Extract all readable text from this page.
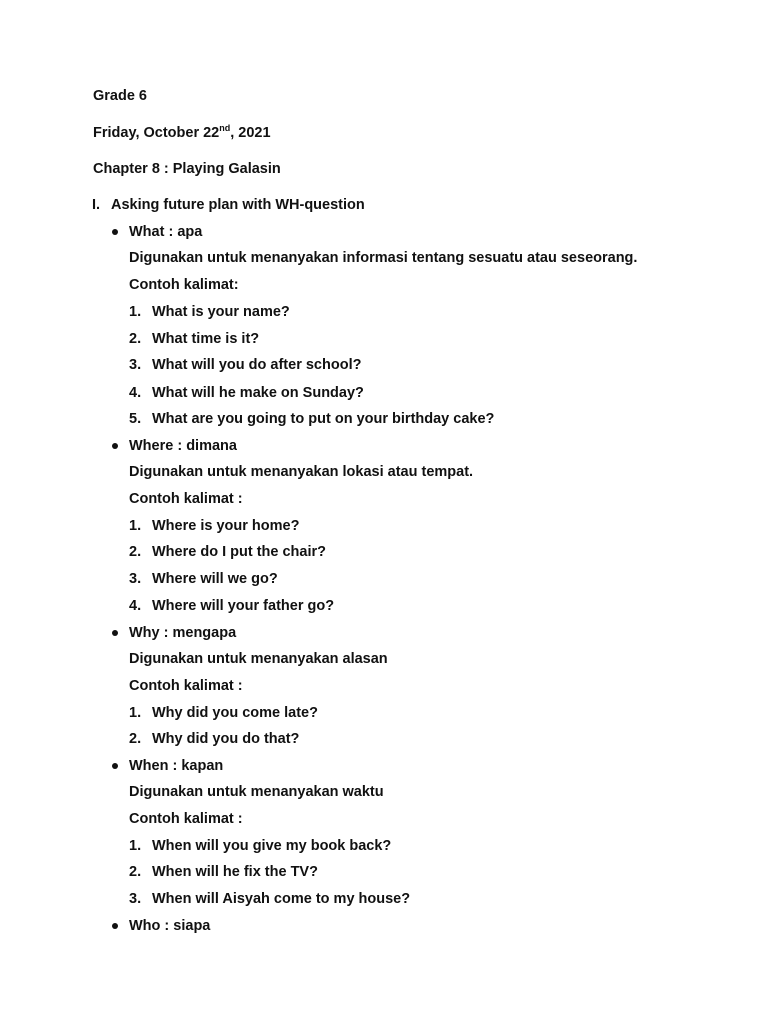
Grade 6
Friday, October 22nd, 2021
Chapter 8 : Playing Galasin
I. Asking future plan with WH-question
What : apa
Digunakan untuk menanyakan informasi tentang sesuatu atau seseorang.
Contoh kalimat:
1. What is your name?
2. What time is it?
3. What will you do after school?
4. What will he make on Sunday?
5. What are you going to put on your birthday cake?
Where : dimana
Digunakan untuk menanyakan lokasi atau tempat.
Contoh kalimat :
1. Where is your home?
2. Where do I put the chair?
3. Where will we go?
4. Where will your father go?
Why : mengapa
Digunakan untuk menanyakan alasan
Contoh kalimat :
1. Why did you come late?
2. Why did you do that?
When : kapan
Digunakan untuk menanyakan waktu
Contoh kalimat :
1. When will you give my book back?
2. When will he fix the TV?
3. When will Aisyah come to my house?
Who : siapa
